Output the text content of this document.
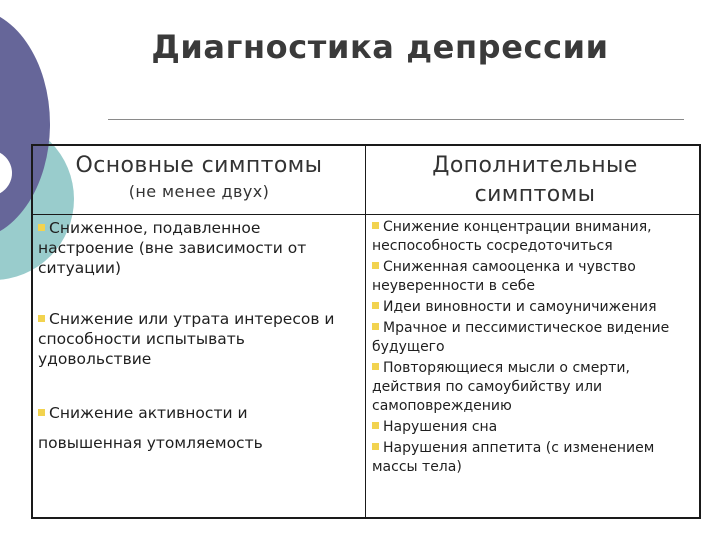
Диагностика депрессии
Основные симптомы
(не менее двух)
Дополнительные симптомы
Сниженное, подавленное настроение (вне зависимости от ситуации)
Снижение или утрата интересов и способности испытывать удовольствие
Снижение активности и повышенная утомляемость
Снижение концентрации внимания, неспособность сосредоточиться
Сниженная самооценка и чувство неуверенности в себе
Идеи виновности и самоуничижения
Мрачное и пессимистическое видение будущего
Повторяющиеся мысли о смерти, действия по самоубийству или самоповреждению
Нарушения сна
Нарушения аппетита (с изменением массы тела)
